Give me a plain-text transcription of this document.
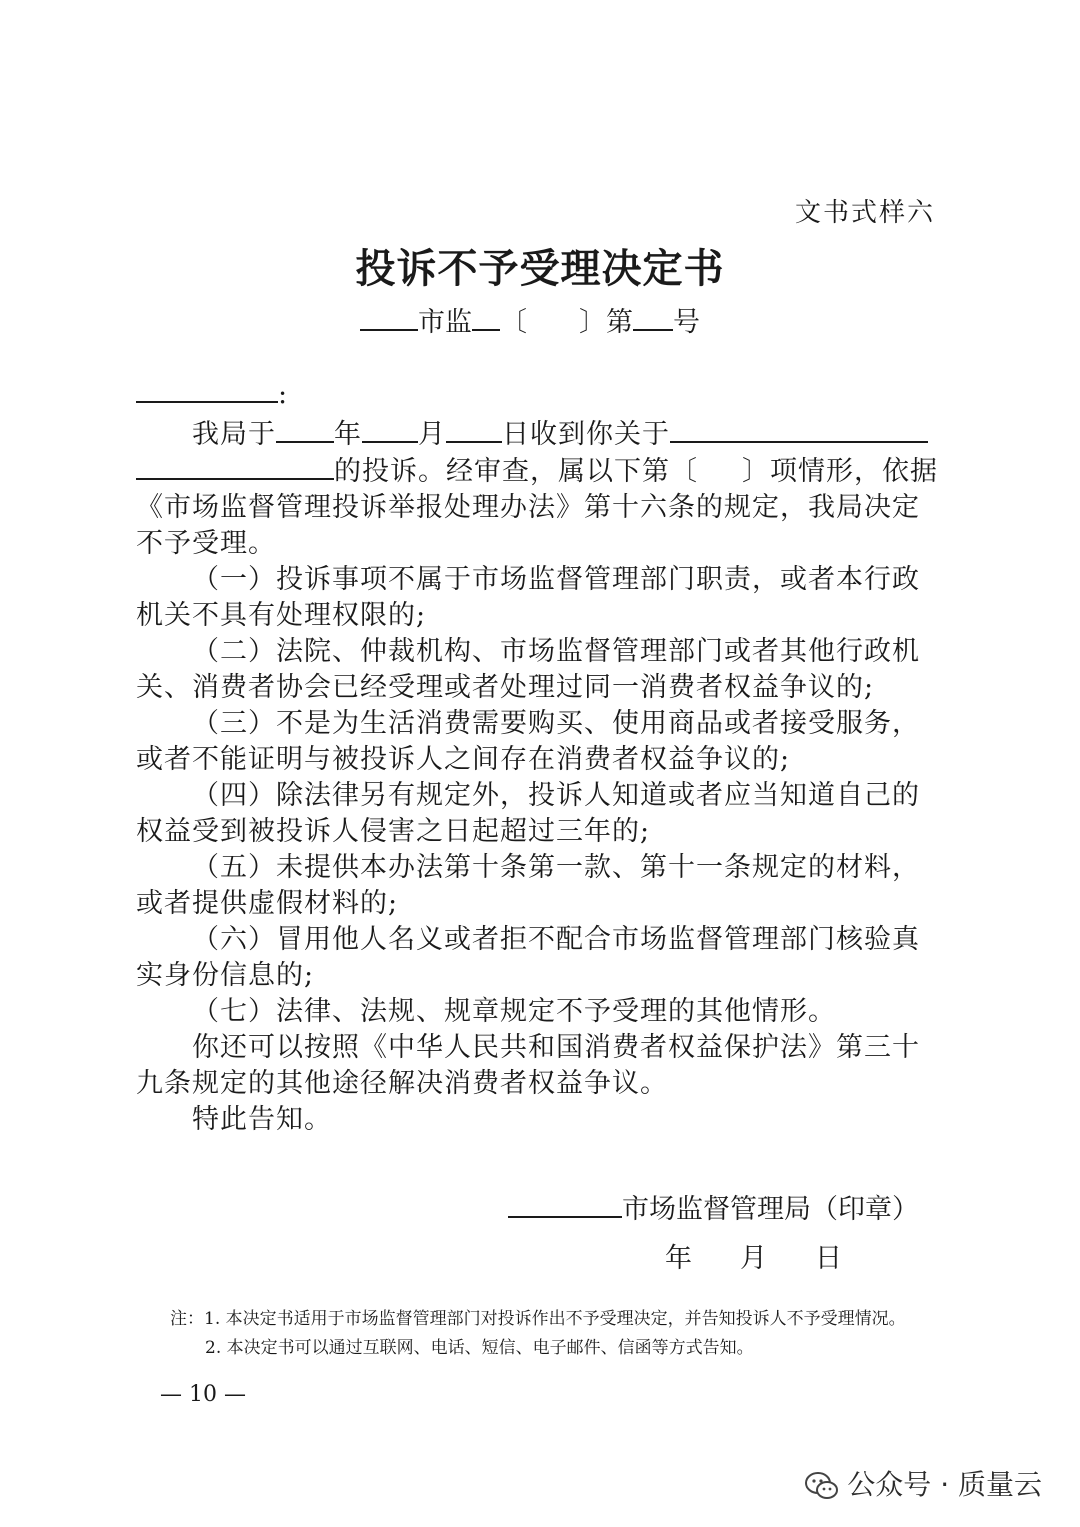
文书式样六
投诉不予受理决定书
市监 〔 〕第 号
:
我局于 年 月 日收到你关于
的投诉。经审查，属以下第〔 〕项情形，依据
《市场监督管理投诉举报处理办法》第十六条的规定，我局决定
不予受理。
（一）投诉事项不属于市场监督管理部门职责，或者本行政
机关不具有处理权限的;
（二）法院、仲裁机构、市场监督管理部门或者其他行政机
关、消费者协会已经受理或者处理过同一消费者权益争议的;
（三）不是为生活消费需要购买、使用商品或者接受服务，
或者不能证明与被投诉人之间存在消费者权益争议的;
（四）除法律另有规定外，投诉人知道或者应当知道自己的
权益受到被投诉人侵害之日起超过三年的;
（五）未提供本办法第十条第一款、第十一条规定的材料，
或者提供虚假材料的;
（六）冒用他人名义或者拒不配合市场监督管理部门核验真
实身份信息的;
（七）法律、法规、规章规定不予受理的其他情形。
你还可以按照《中华人民共和国消费者权益保护法》第三十
九条规定的其他途径解决消费者权益争议。
特此告知。
市场监督管理局（印章）
年 月 日
注：1. 本决定书适用于市场监督管理部门对投诉作出不予受理决定，并告知投诉人不予受理情况。
2. 本决定书可以通过互联网、电话、短信、电子邮件、信函等方式告知。
— 10 —
公众号 · 质量云
